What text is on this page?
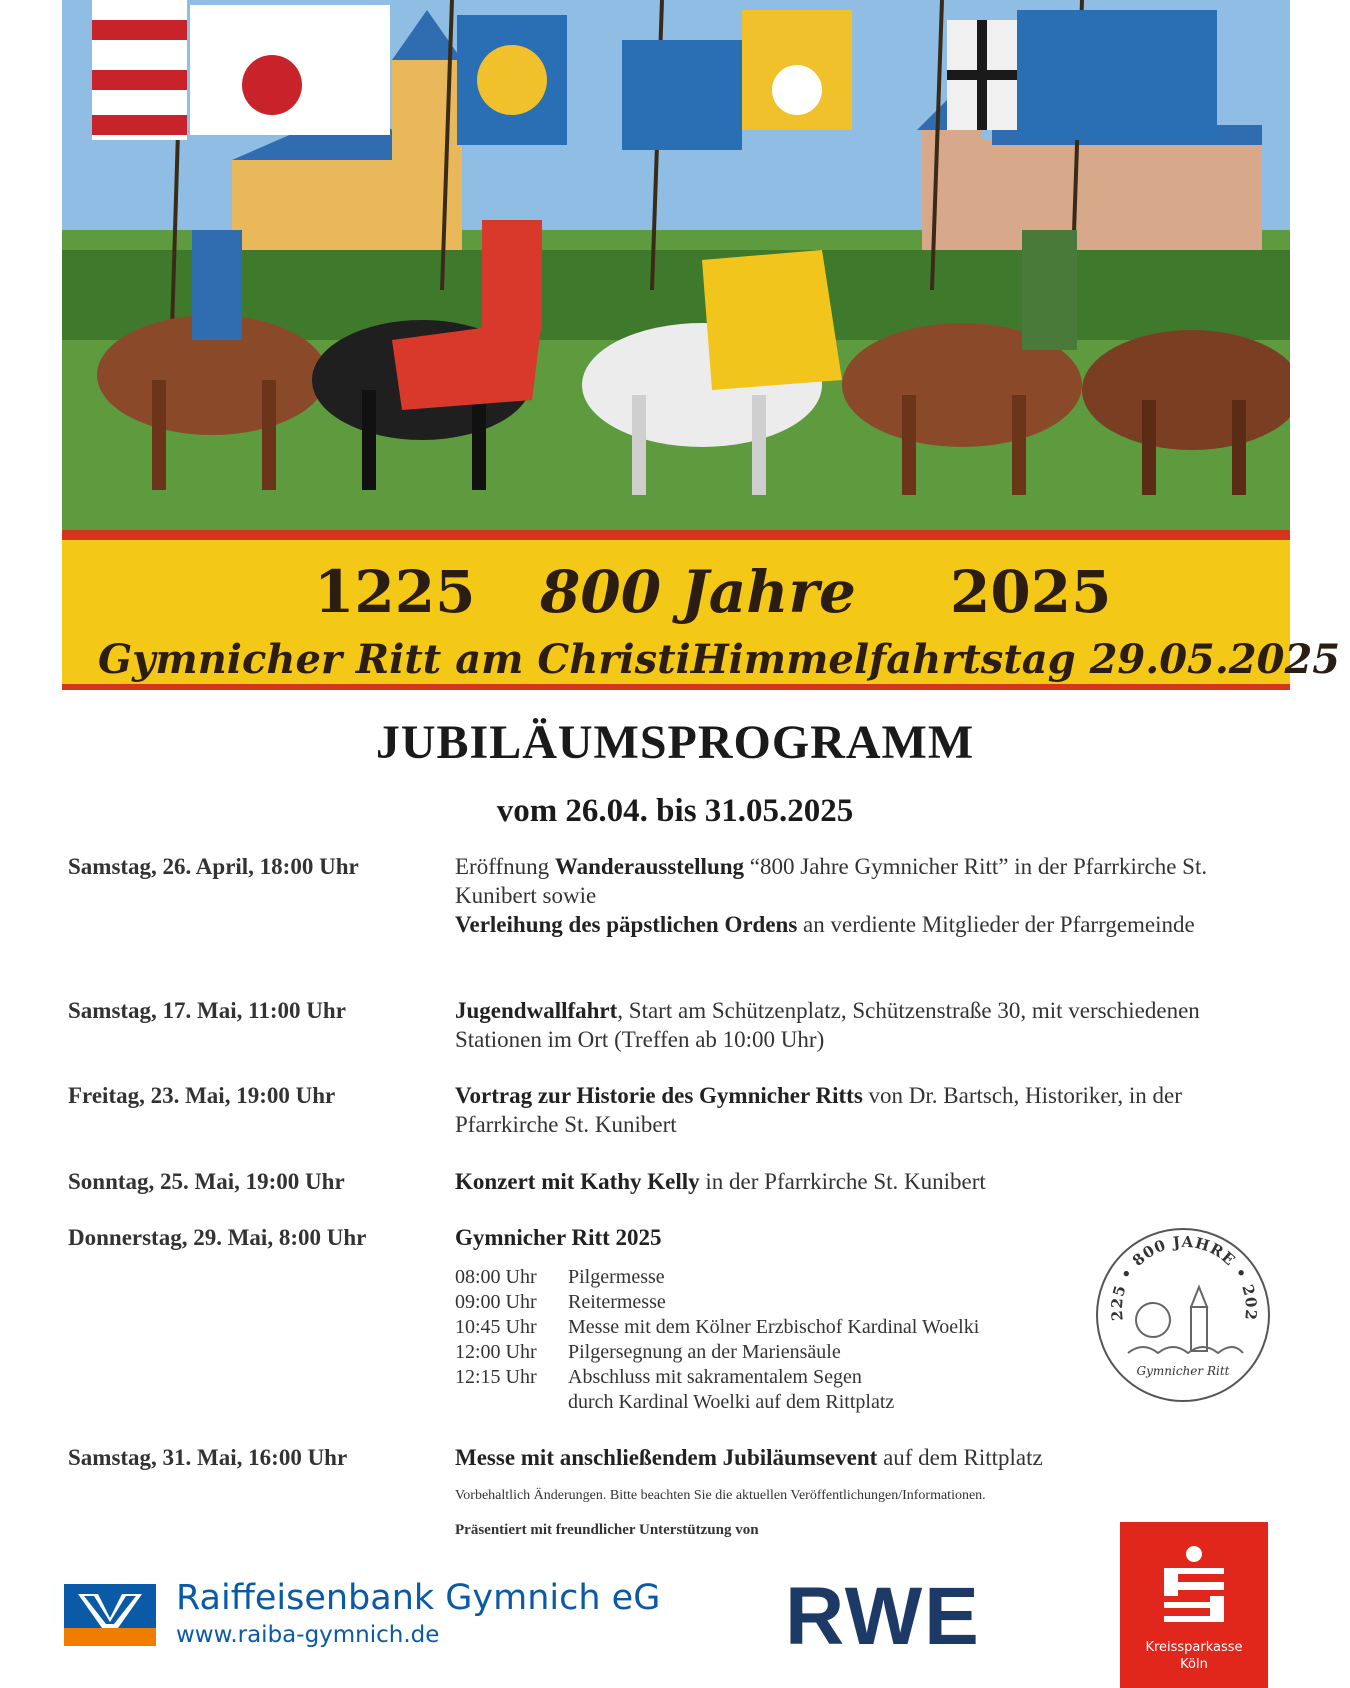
1225 800 Jahre 2025
Gymnicher Ritt am ChristiHimmelfahrtstag 29.05.2025
JUBILÄUMSPROGRAMM
vom 26.04. bis 31.05.2025
Samstag, 26. April, 18:00 Uhr	Eröffnung Wanderausstellung “800 Jahre Gymnicher Ritt” in der Pfarrkirche St. Kunibert sowie
Verleihung des päpstlichen Ordens an verdiente Mitglieder der Pfarrgemeinde
Samstag, 17. Mai, 11:00 Uhr	Jugendwallfahrt, Start am Schützenplatz, Schützenstraße 30, mit verschiedenen Stationen im Ort (Treffen ab 10:00 Uhr)
Freitag, 23. Mai, 19:00 Uhr	Vortrag zur Historie des Gymnicher Ritts von Dr. Bartsch, Historiker, in der Pfarrkirche St. Kunibert
Sonntag, 25. Mai, 19:00 Uhr	Konzert mit Kathy Kelly in der Pfarrkirche St. Kunibert
Donnerstag, 29. Mai, 8:00 Uhr	Gymnicher Ritt 2025
08:00 Uhr	Pilgermesse
09:00 Uhr	Reitermesse
10:45 Uhr	Messe mit dem Kölner Erzbischof Kardinal Woelki
12:00 Uhr	Pilgersegnung an der Mariensäule
12:15 Uhr	Abschluss mit sakramentalem Segen
durch Kardinal Woelki auf dem Rittplatz
225 • 800 JAHRE • 202
Gymnicher Ritt
Samstag, 31. Mai, 16:00 Uhr	Messe mit anschließendem Jubiläumsevent auf dem Rittplatz
Vorbehaltlich Änderungen. Bitte beachten Sie die aktuellen Veröffentlichungen/Informationen.
Präsentiert mit freundlicher Unterstützung von
Raiffeisenbank Gymnich eG
www.raiba-gymnich.de	RWE	Kreissparkasse
Köln
